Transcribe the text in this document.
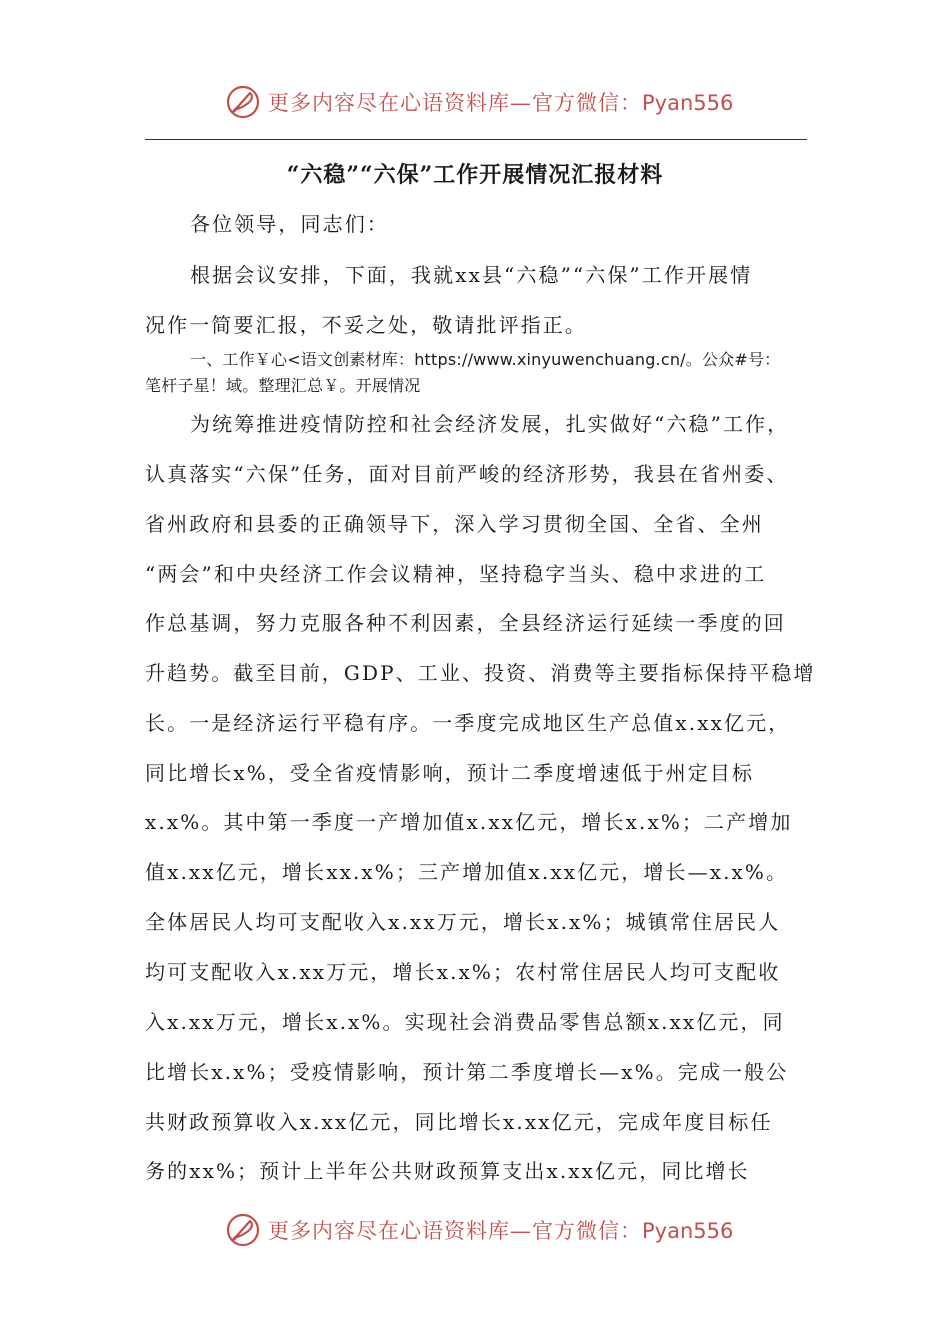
更多内容尽在心语资料库—官方微信：Pyan556
“六稳”“六保”工作开展情况汇报材料
各位领导，同志们：
根据会议安排，下面，我就xx县“六稳”“六保”工作开展情
况作一简要汇报，不妥之处，敬请批评指正。
一、工作￥心<语文创素材库：https://www.xinyuwenchuang.cn/。公众#号：
笔杆子星！域。整理汇总￥。开展情况
为统筹推进疫情防控和社会经济发展，扎实做好“六稳”工作，
认真落实“六保”任务，面对目前严峻的经济形势，我县在省州委、
省州政府和县委的正确领导下，深入学习贯彻全国、全省、全州
“两会”和中央经济工作会议精神，坚持稳字当头、稳中求进的工
作总基调，努力克服各种不利因素，全县经济运行延续一季度的回
升趋势。截至目前，GDP、工业、投资、消费等主要指标保持平稳增
长。一是经济运行平稳有序。一季度完成地区生产总值x.xx亿元，
同比增长x%，受全省疫情影响，预计二季度增速低于州定目标
x.x%。其中第一季度一产增加值x.xx亿元，增长x.x%；二产增加
值x.xx亿元，增长xx.x%；三产增加值x.xx亿元，增长—x.x%。
全体居民人均可支配收入x.xx万元，增长x.x%；城镇常住居民人
均可支配收入x.xx万元，增长x.x%；农村常住居民人均可支配收
入x.xx万元，增长x.x%。实现社会消费品零售总额x.xx亿元，同
比增长x.x%；受疫情影响，预计第二季度增长—x%。完成一般公
共财政预算收入x.xx亿元，同比增长x.xx亿元，完成年度目标任
务的xx%；预计上半年公共财政预算支出x.xx亿元，同比增长
更多内容尽在心语资料库—官方微信：Pyan556
